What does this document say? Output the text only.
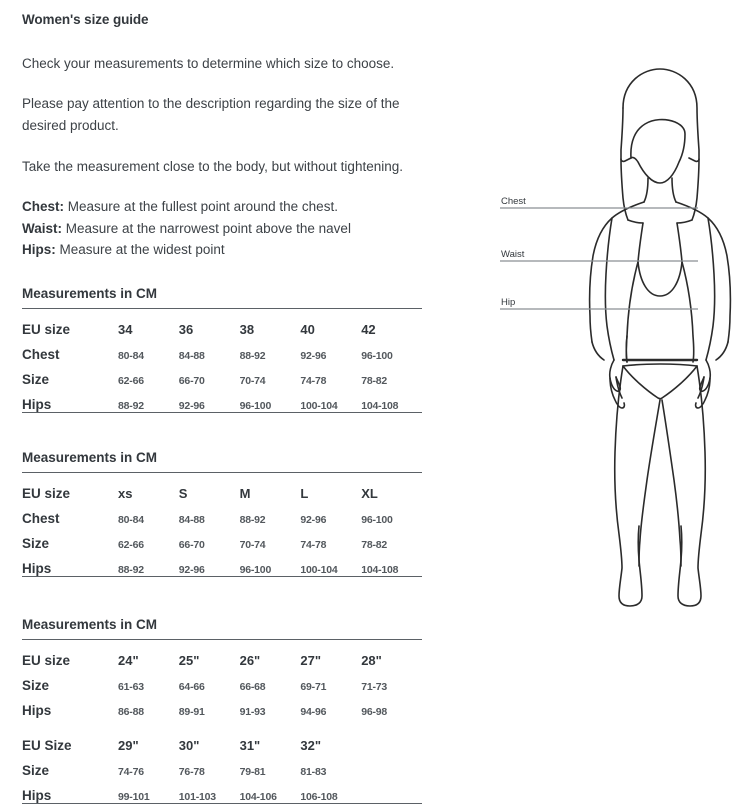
Women's size guide

Check your measurements to determine which size to choose.

Please pay attention to the description regarding the size of the desired product.

Take the measurement close to the body, but without tightening.

Chest: Measure at the fullest point around the chest.
Waist: Measure at the narrowest point above the navel
Hips: Measure at the widest point
Measurements in CM
EU size	34	36	38	40	42
Chest	80-84	84-88	88-92	92-96	96-100
Size	62-66	66-70	70-74	74-78	78-82
Hips	88-92	92-96	96-100	100-104	104-108
Measurements in CM
EU size	xs	S	M	L	XL
Chest	80-84	84-88	88-92	92-96	96-100
Size	62-66	66-70	70-74	74-78	78-82
Hips	88-92	92-96	96-100	100-104	104-108
Measurements in CM
EU size	24"	25"	26"	27"	28"
Size	61-63	64-66	66-68	69-71	71-73
Hips	86-88	89-91	91-93	94-96	96-98
EU Size	29"	30"	31"	32"	
Size	74-76	76-78	79-81	81-83	
Hips	99-101	101-103	104-106	106-108	
Chest
Waist
Hip
